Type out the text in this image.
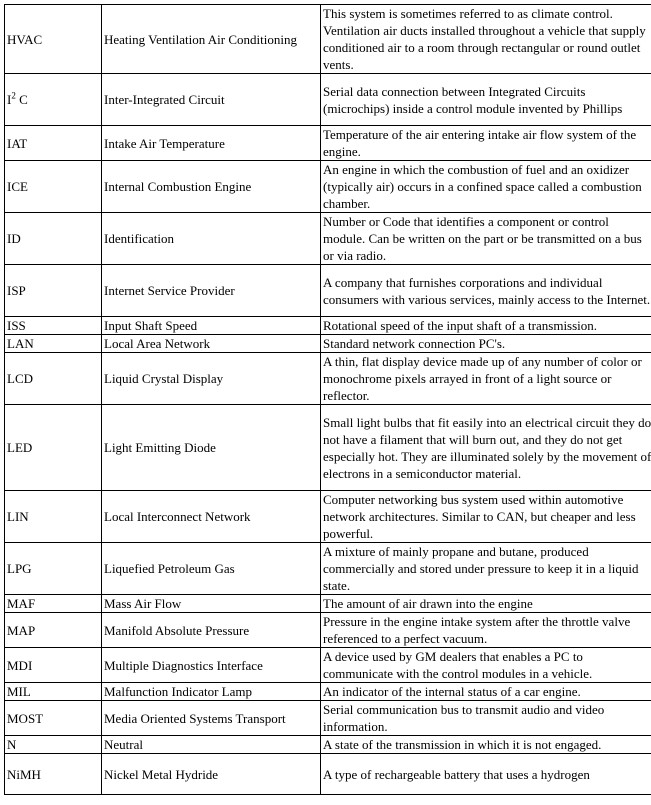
HVAC	Heating Ventilation Air Conditioning	This system is sometimes referred to as climate control. Ventilation air ducts installed throughout a vehicle that supply conditioned air to a room through rectangular or round outlet vents.
$I^2$ C	Inter-Integrated Circuit	Serial data connection between Integrated Circuits (microchips) inside a control module invented by Phillips
IAT	Intake Air Temperature	Temperature of the air entering intake air flow system of the engine.
ICE	Internal Combustion Engine	An engine in which the combustion of fuel and an oxidizer (typically air) occurs in a confined space called a combustion chamber.
ID	Identification	Number or Code that identifies a component or control module. Can be written on the part or be transmitted on a bus or via radio.
ISP	Internet Service Provider	A company that furnishes corporations and individual consumers with various services, mainly access to the Internet.
ISS	Input Shaft Speed	Rotational speed of the input shaft of a transmission.
LAN	Local Area Network	Standard network connection PC's.
LCD	Liquid Crystal Display	A thin, flat display device made up of any number of color or monochrome pixels arrayed in front of a light source or reflector.
LED	Light Emitting Diode	Small light bulbs that fit easily into an electrical circuit they do not have a filament that will burn out, and they do not get especially hot. They are illuminated solely by the movement of electrons in a semiconductor material.
LIN	Local Interconnect Network	Computer networking bus system used within automotive network architectures. Similar to CAN, but cheaper and less powerful.
LPG	Liquefied Petroleum Gas	A mixture of mainly propane and butane, produced commercially and stored under pressure to keep it in a liquid state.
MAF	Mass Air Flow	The amount of air drawn into the engine
MAP	Manifold Absolute Pressure	Pressure in the engine intake system after the throttle valve referenced to a perfect vacuum.
MDI	Multiple Diagnostics Interface	A device used by GM dealers that enables a PC to communicate with the control modules in a vehicle.
MIL	Malfunction Indicator Lamp	An indicator of the internal status of a car engine.
MOST	Media Oriented Systems Transport	Serial communication bus to transmit audio and video information.
N	Neutral	A state of the transmission in which it is not engaged.
NiMH	Nickel Metal Hydride	A type of rechargeable battery that uses a hydrogen
